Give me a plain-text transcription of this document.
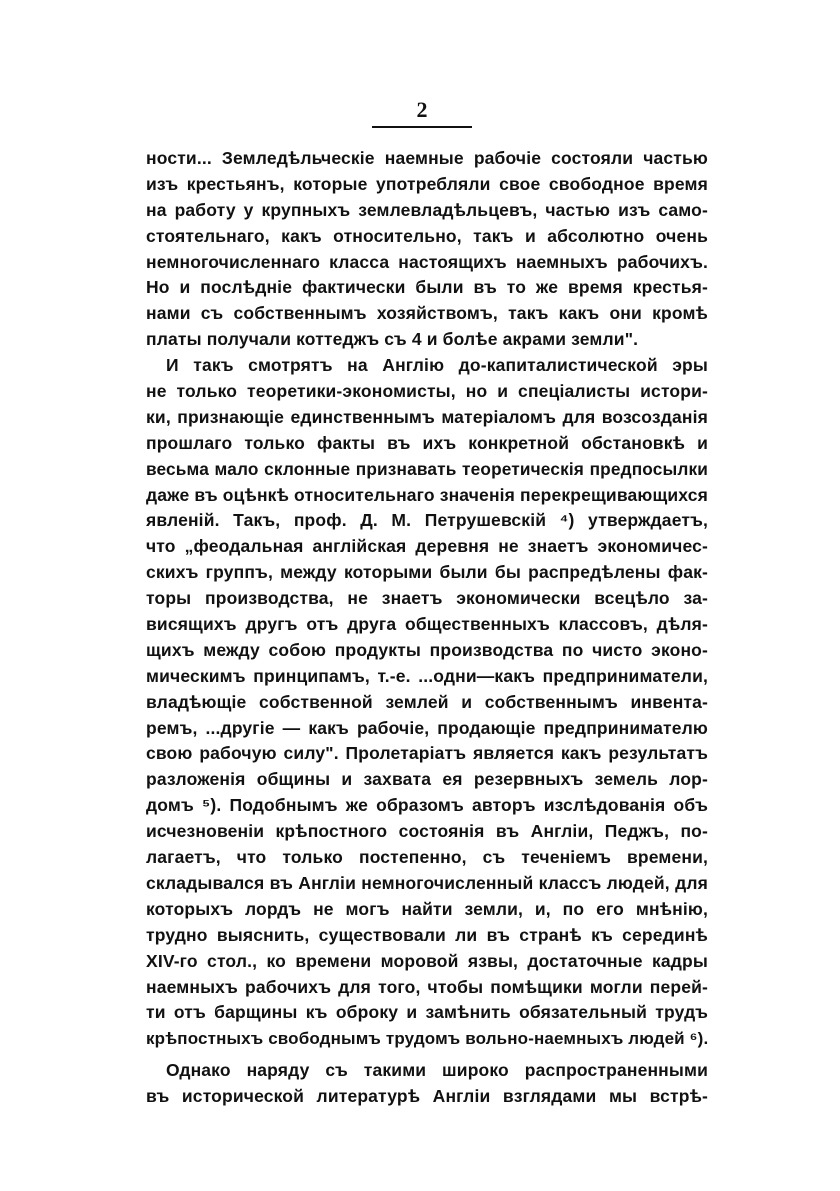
2
ности... Земледѣльческіе наемные рабочіе состояли частью
изъ крестьянъ, которые употребляли свое свободное время
на работу у крупныхъ землевладѣльцевъ, частью изъ само-
стоятельнаго, какъ относительно, такъ и абсолютно очень
немногочисленнаго класса настоящихъ наемныхъ рабочихъ.
Но и послѣдніе фактически были въ то же время крестья-
нами съ собственнымъ хозяйствомъ, такъ какъ они кромѣ
платы получали коттеджъ съ 4 и болѣе акрами земли".
И такъ смотрятъ на Англію до-капиталистической эры
не только теоретики-экономисты, но и спеціалисты истори-
ки, признающіе единственнымъ матеріаломъ для возсозданія
прошлаго только факты въ ихъ конкретной обстановкѣ и
весьма мало склонные признавать теоретическія предпосылки
даже въ оцѣнкѣ относительнаго значенія перекрещивающихся
явленій. Такъ, проф. Д. М. Петрушевскій ⁴) утверждаетъ,
что „феодальная англійская деревня не знаетъ экономичес-
скихъ группъ, между которыми были бы распредѣлены фак-
торы производства, не знаетъ экономически всецѣло за-
висящихъ другъ отъ друга общественныхъ классовъ, дѣля-
щихъ между собою продукты производства по чисто эконо-
мическимъ принципамъ, т.-е. ...одни—какъ предприниматели,
владѣющіе собственной землей и собственнымъ инвента-
ремъ, ...другіе — какъ рабочіе, продающіе предпринимателю
свою рабочую силу". Пролетаріатъ является какъ результатъ
разложенія общины и захвата ея резервныхъ земель лор-
домъ ⁵). Подобнымъ же образомъ авторъ изслѣдованія объ
исчезновеніи крѣпостного состоянія въ Англіи, Педжъ, по-
лагаетъ, что только постепенно, съ теченіемъ времени,
складывался въ Англіи немногочисленный классъ людей, для
которыхъ лордъ не могъ найти земли, и, по его мнѣнію,
трудно выяснить, существовали ли въ странѣ къ серединѣ
XIV-го стол., ко времени моровой язвы, достаточные кадры
наемныхъ рабочихъ для того, чтобы помѣщики могли перей-
ти отъ барщины къ оброку и замѣнить обязательный трудъ
крѣпостныхъ свободнымъ трудомъ вольно-наемныхъ людей ⁶).
Однако наряду съ такими широко распространенными
въ исторической литературѣ Англіи взглядами мы встрѣ-
